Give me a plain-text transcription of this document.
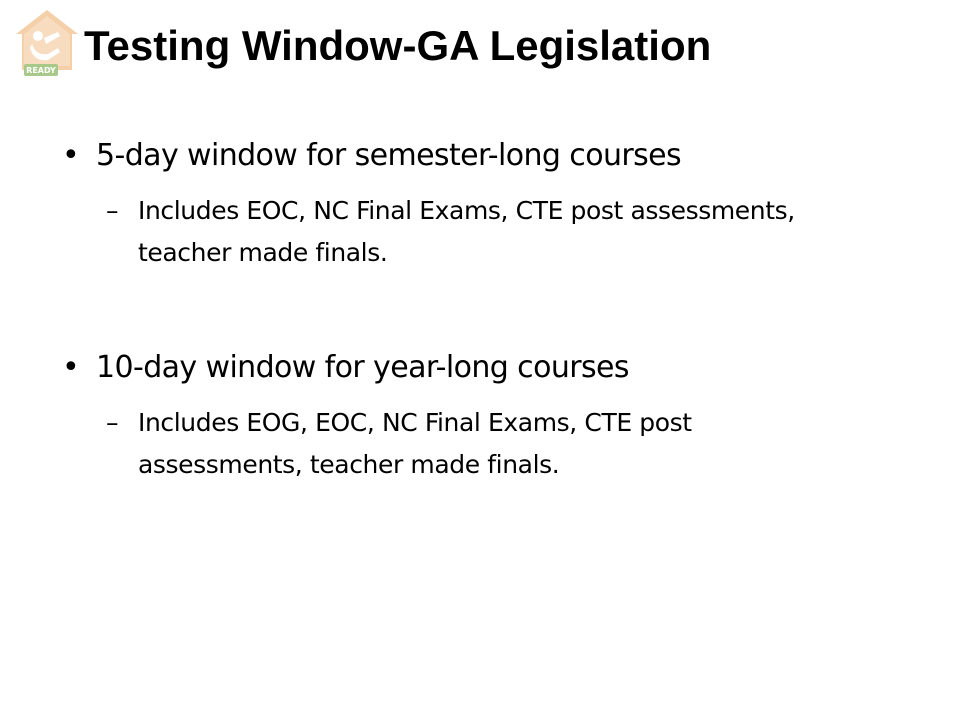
READY
Testing Window-GA Legislation
• 5-day window for semester-long courses
– Includes EOC, NC Final Exams, CTE post assessments, teacher made finals.
• 10-day window for year-long courses
– Includes EOG, EOC, NC Final Exams, CTE post assessments, teacher made finals.
